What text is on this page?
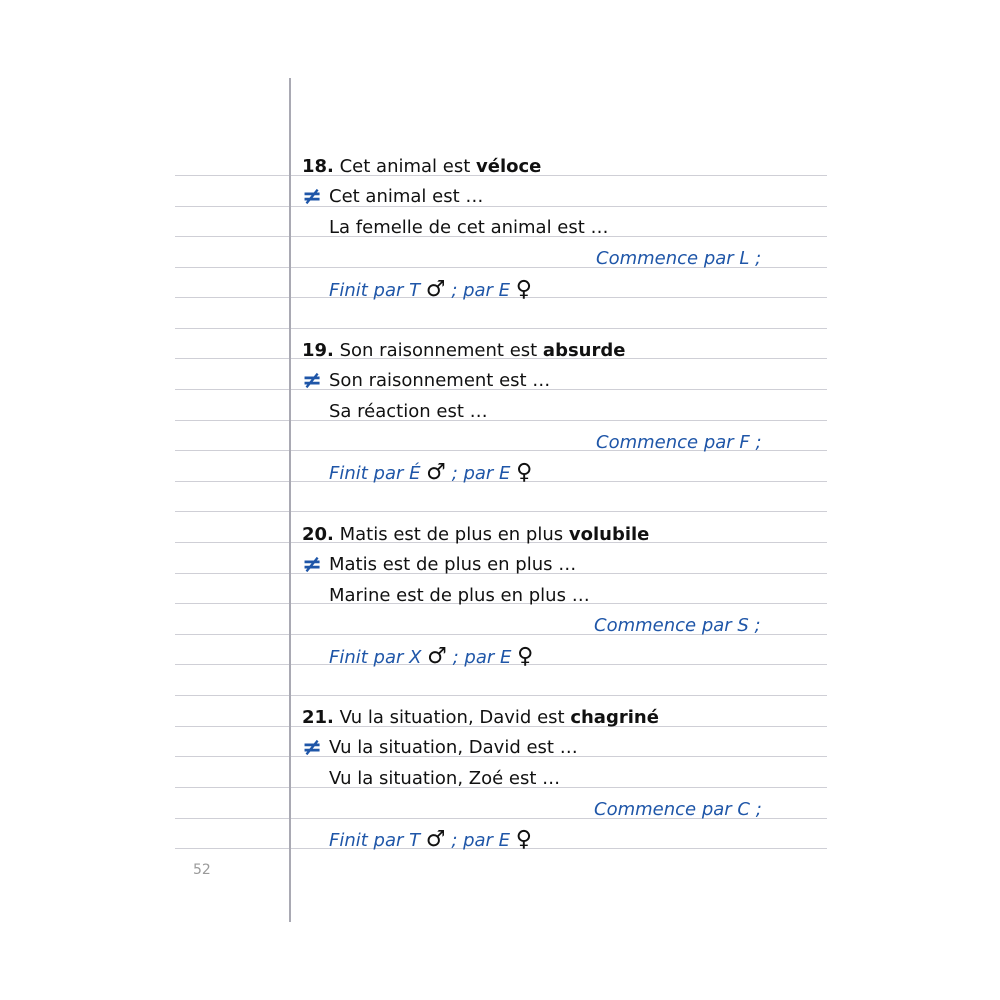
52
18. Cet animal est véloce
≠ Cet animal est …
La femelle de cet animal est …
Commence par L ;
Finit par T ♂ ; par E ♀
19. Son raisonnement est absurde
≠ Son raisonnement est …
Sa réaction est …
Commence par F ;
Finit par É ♂ ; par E ♀
20. Matis est de plus en plus volubile
≠ Matis est de plus en plus …
Marine est de plus en plus …
Commence par S ;
Finit par X ♂ ; par E ♀
21. Vu la situation, David est chagriné
≠ Vu la situation, David est …
Vu la situation, Zoé est …
Commence par C ;
Finit par T ♂ ; par E ♀
